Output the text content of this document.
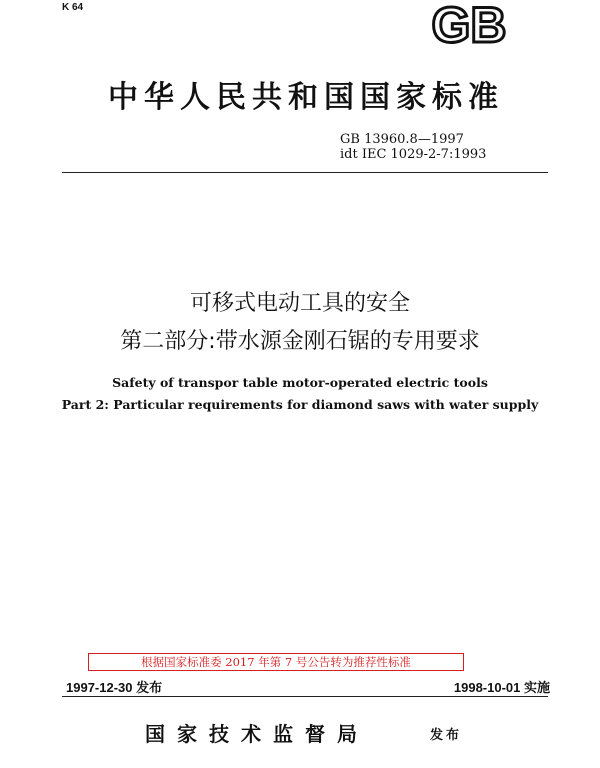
K 64	GB
中华人民共和国国家标准
GB 13960.8—1997
idt IEC 1029-2-7:1993
可移式电动工具的安全
第二部分:带水源金刚石锯的专用要求
Safety of transpor table motor-operated electric tools
Part 2: Particular requirements for diamond saws with water supply
根据国家标准委 2017 年第 7 号公告转为推荐性标准
1997-12-30 发布	1998-10-01 实施
国家技术监督局	发布
